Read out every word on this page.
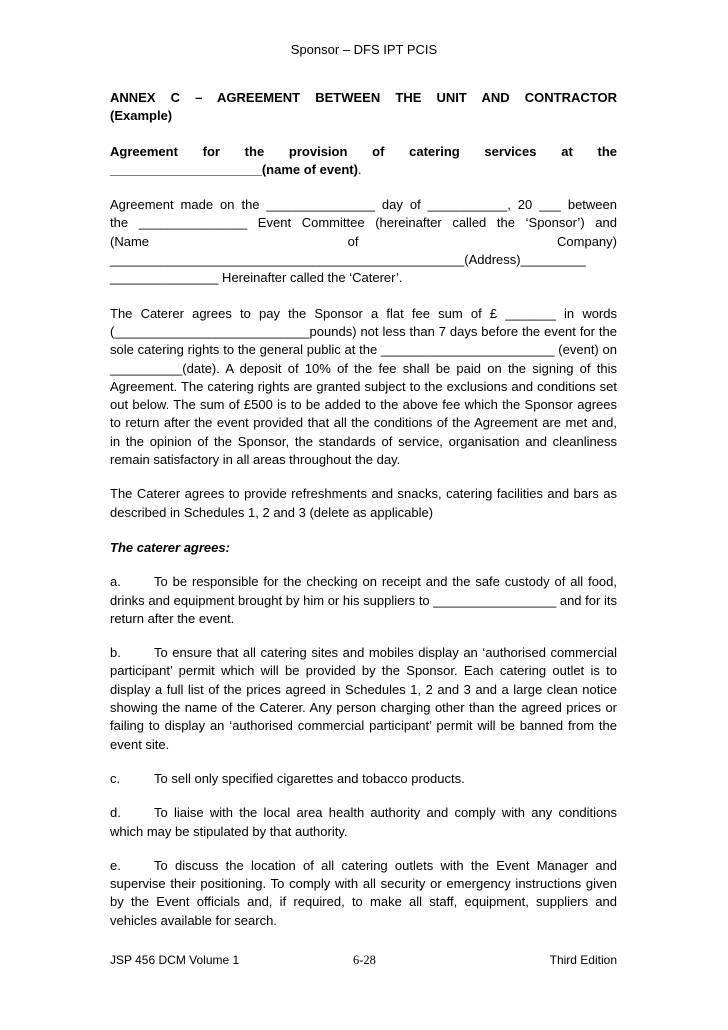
Sponsor – DFS IPT PCIS

ANNEX C – AGREEMENT BETWEEN THE UNIT AND CONTRACTOR
(Example)

Agreement for the provision of catering services at the
_____________________(name of event).

Agreement made on the _______________ day of ___________, 20 ___ between
the _______________ Event Committee (hereinafter called the ‘Sponsor’) and
(Name	of	Company)
_________________________________________________(Address)_________
_______________ Hereinafter called the ‘Caterer’.

The Caterer agrees to pay the Sponsor a flat fee sum of £ _______ in words (___________________________pounds) not less than 7 days before the event for the sole catering rights to the general public at the ________________________ (event) on __________(date). A deposit of 10% of the fee shall be paid on the signing of this Agreement. The catering rights are granted subject to the exclusions and conditions set out below. The sum of £500 is to be added to the above fee which the Sponsor agrees to return after the event provided that all the conditions of the Agreement are met and, in the opinion of the Sponsor, the standards of service, organisation and cleanliness remain satisfactory in all areas throughout the day.

The Caterer agrees to provide refreshments and snacks, catering facilities and bars as described in Schedules 1, 2 and 3 (delete as applicable)

The caterer agrees:

a.	To be responsible for the checking on receipt and the safe custody of all food, drinks and equipment brought by him or his suppliers to _________________ and for its return after the event.

b.	To ensure that all catering sites and mobiles display an ‘authorised commercial participant’ permit which will be provided by the Sponsor. Each catering outlet is to display a full list of the prices agreed in Schedules 1, 2 and 3 and a large clean notice showing the name of the Caterer. Any person charging other than the agreed prices or failing to display an ‘authorised commercial participant’ permit will be banned from the event site.

c.	To sell only specified cigarettes and tobacco products.

d.	To liaise with the local area health authority and comply with any conditions which may be stipulated by that authority.

e.	To discuss the location of all catering outlets with the Event Manager and supervise their positioning. To comply with all security or emergency instructions given by the Event officials and, if required, to make all staff, equipment, suppliers and vehicles available for search.

JSP 456 DCM Volume 1	6-28	Third Edition
